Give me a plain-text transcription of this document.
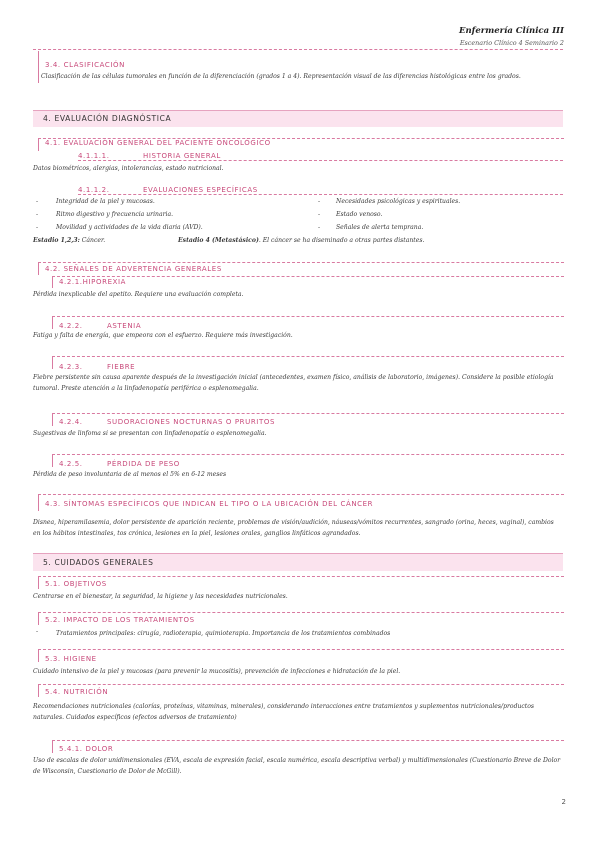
Enfermería Clínica III
Escenario Clínico 4 Seminario 2
3.4. CLASIFICACIÓN
Clasificación de las células tumorales en función de la diferenciación (grados 1 a 4). Representación visual de las diferencias histológicas entre los grados.
4. EVALUACIÓN DIAGNÓSTICA
4.1. EVALUACIÓN GENERAL DEL PACIENTE ONCOLÓGICO
4.1.1.1.	HISTORIA GENERAL
Datos biométricos, alergias, intolerancias, estado nutricional.
4.1.1.2.	EVALUACIONES ESPECÍFICAS
-	Integridad de la piel y mucosas.
-	Ritmo digestivo y frecuencia urinaria.
-	Movilidad y actividades de la vida diaria (AVD).
-	Necesidades psicológicas y espirituales.
-	Estado venoso.
-	Señales de alerta temprana.
Estadio 1,2,3: Cáncer.	Estadio 4 (Metastásico). El cáncer se ha diseminado a otras partes distantes.
4.2. SEÑALES DE ADVERTENCIA GENERALES
4.2.1.HIPOREXIA
Pérdida inexplicable del apetito. Requiere una evaluación completa.
4.2.2.	ASTENIA
Fatiga y falta de energía, que empeora con el esfuerzo. Requiere más investigación.
4.2.3.	FIEBRE
Fiebre persistente sin causa aparente después de la investigación inicial (antecedentes, examen físico, análisis de laboratorio, imágenes). Considere la posible etiología tumoral. Preste atención a la linfadenopatía periférica o esplenomegalia.
4.2.4.	SUDORACIONES NOCTURNAS O PRURITOS
Sugestivas de linfoma si se presentan con linfadenopatía o esplenomegalia.
4.2.5.	PÉRDIDA DE PESO
Pérdida de peso involuntaria de al menos el 5% en 6-12 meses
4.3. SÍNTOMAS ESPECÍFICOS QUE INDICAN EL TIPO O LA UBICACIÓN DEL CÁNCER
Disnea, hiperamilasemia, dolor persistente de aparición reciente, problemas de visión/audición, náuseas/vómitos recurrentes, sangrado (orina, heces, vaginal), cambios en los hábitos intestinales, tos crónica, lesiones en la piel, lesiones orales, ganglios linfáticos agrandados.
5. CUIDADOS GENERALES
5.1. OBJETIVOS
Centrarse en el bienestar, la seguridad, la higiene y las necesidades nutricionales.
5.2. IMPACTO DE LOS TRATAMIENTOS
-	Tratamientos principales: cirugía, radioterapia, quimioterapia. Importancia de los tratamientos combinados
5.3. HIGIENE
Cuidado intensivo de la piel y mucosas (para prevenir la mucositis), prevención de infecciones e hidratación de la piel.
5.4. NUTRICIÓN
Recomendaciones nutricionales (calorías, proteínas, vitaminas, minerales), considerando interacciones entre tratamientos y suplementos nutricionales/productos naturales. Cuidados específicos (efectos adversos de tratamiento)
5.4.1. DOLOR
Uso de escalas de dolor unidimensionales (EVA, escala de expresión facial, escala numérica, escala descriptiva verbal) y multidimensionales (Cuestionario Breve de Dolor de Wisconsin, Cuestionario de Dolor de McGill).
2
